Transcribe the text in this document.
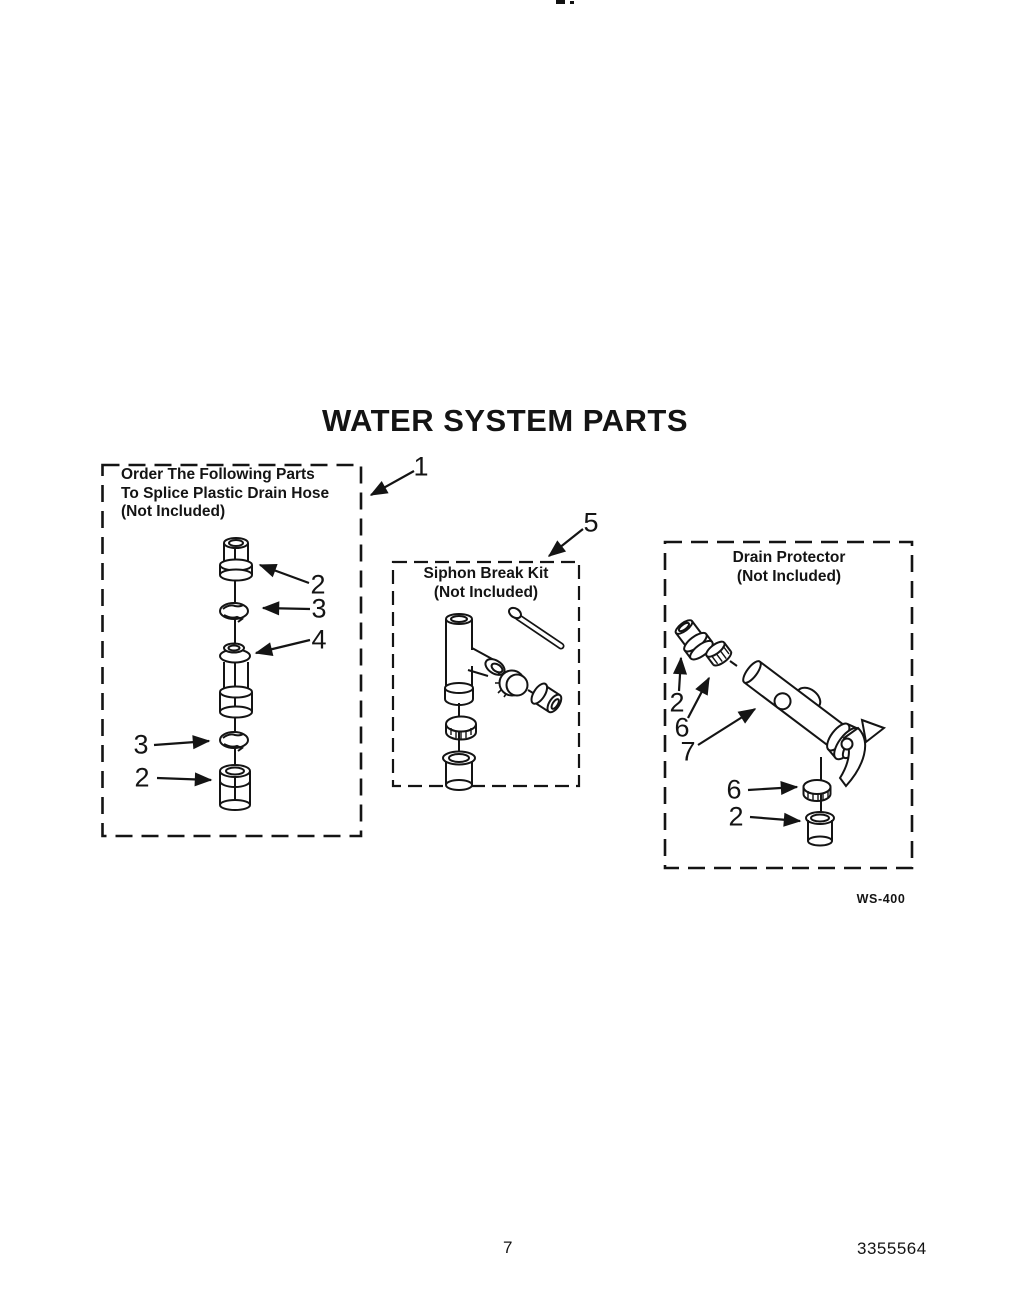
WATER SYSTEM PARTS
Order The Following Parts
To Splice Plastic Drain Hose
(Not Included)
Siphon Break Kit
(Not Included)
Drain Protector
(Not Included)
1
5
2
3
4
3
2
2
6
7
6
2
WS-400
7	3355564
